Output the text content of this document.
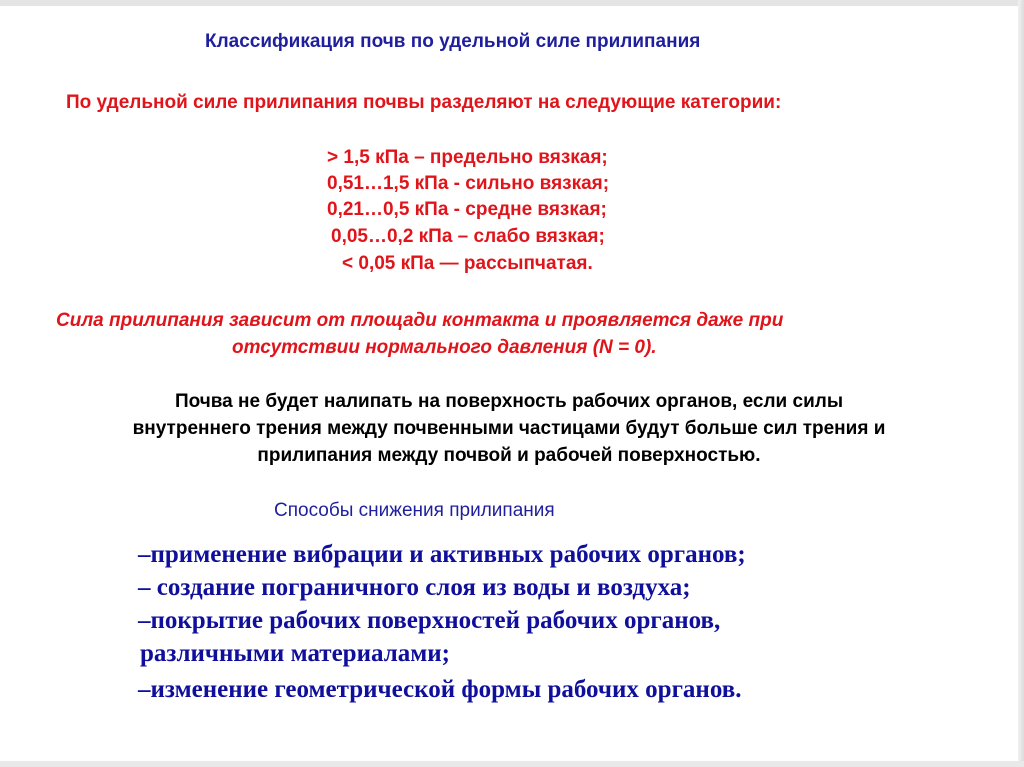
Классификация почв по удельной силе прилипания
По удельной силе прилипания почвы разделяют на следующие категории:
> 1,5 кПа – предельно вязкая;
0,51…1,5 кПа - сильно вязкая;
0,21…0,5 кПа - средне вязкая;
0,05…0,2 кПа – слабо вязкая;
< 0,05 кПа — рассыпчатая.
Сила прилипания зависит от площади контакта и проявляется даже при
отсутствии нормального давления (N = 0).
Почва не будет налипать на поверхность рабочих органов, если силы
внутреннего трения между почвенными частицами будут больше сил трения и
прилипания между почвой и рабочей поверхностью.
Способы снижения прилипания
–применение вибрации и активных рабочих органов;
– создание пограничного слоя из воды и воздуха;
–покрытие рабочих поверхностей рабочих органов,
различными материалами;
–изменение геометрической формы рабочих органов.
